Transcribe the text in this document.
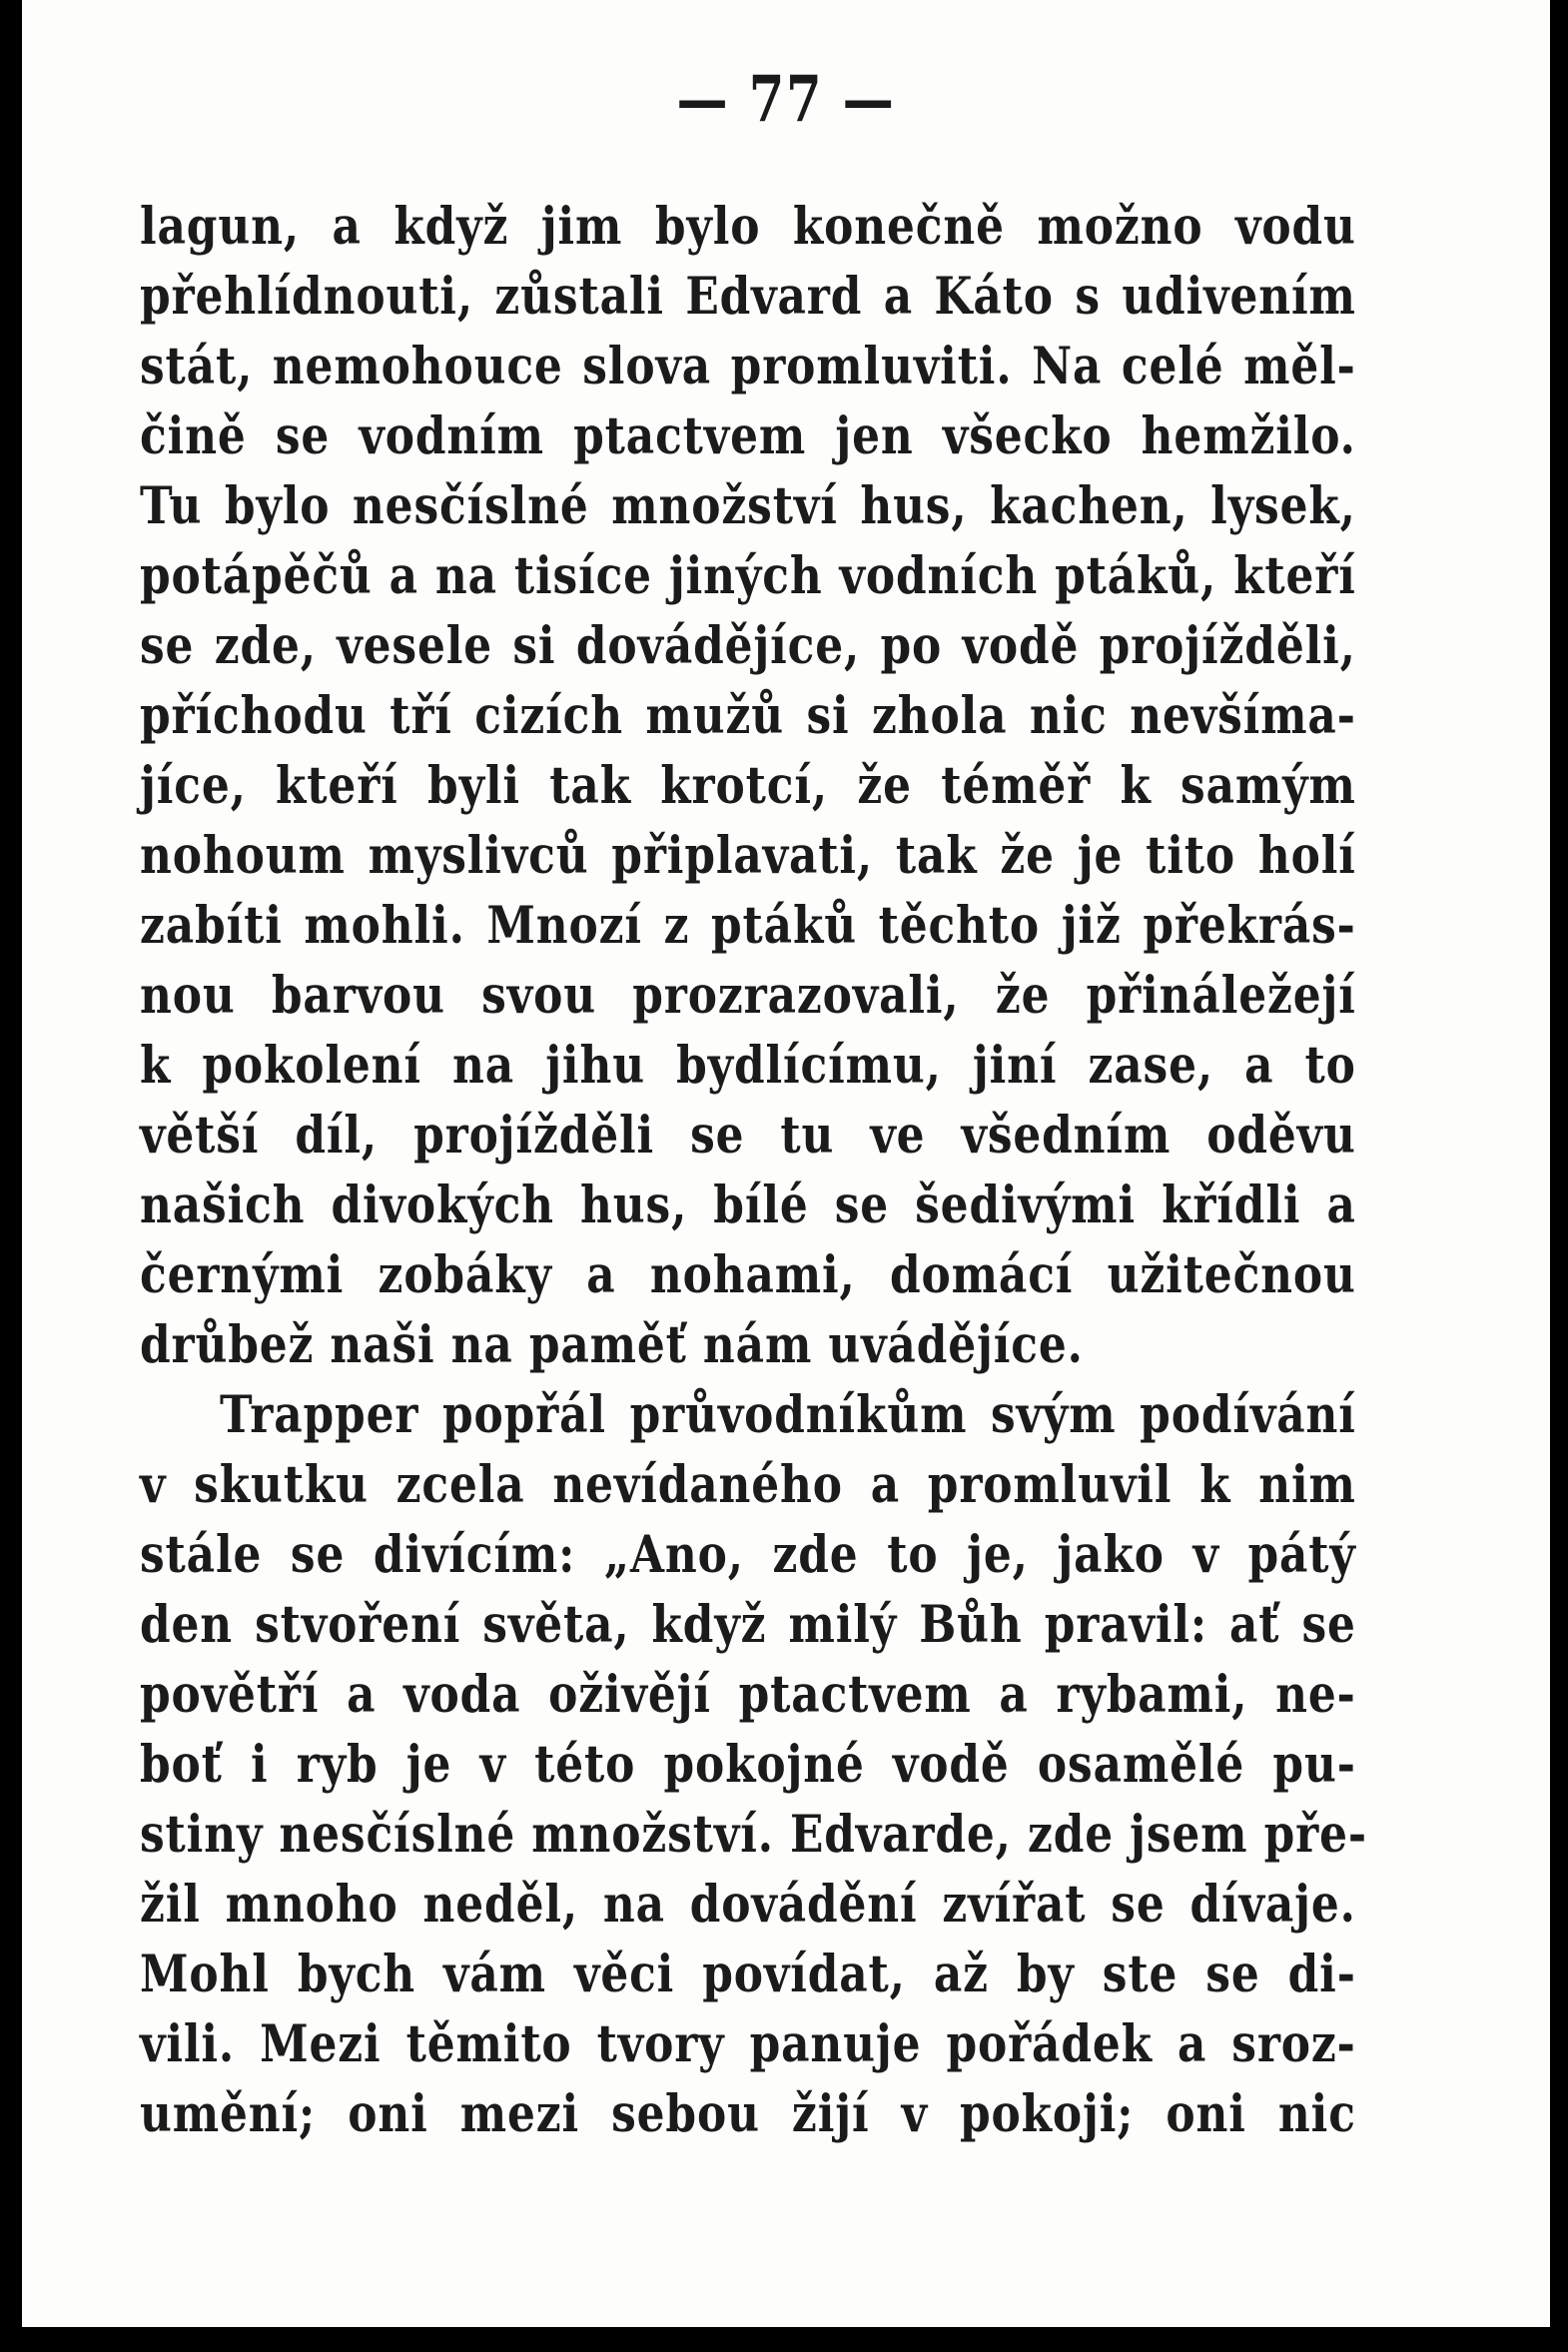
— 77 —
lagun, a když jim bylo konečně možno vodu
přehlídnouti, zůstali Edvard a Káto s udivením
stát, nemohouce slova promluviti. Na celé měl-
čině se vodním ptactvem jen všecko hemžilo.
Tu bylo nesčíslné množství hus, kachen, lysek,
potápěčů a na tisíce jiných vodních ptáků, kteří
se zde, vesele si dovádějíce, po vodě projížděli,
příchodu tří cizích mužů si zhola nic nevšíma-
jíce, kteří byli tak krotcí, že téměř k samým
nohoum myslivců připlavati, tak že je tito holí
zabíti mohli. Mnozí z ptáků těchto již překrás-
nou barvou svou prozrazovali, že přináležejí
k pokolení na jihu bydlícímu, jiní zase, a to
větší díl, projížděli se tu ve všedním oděvu
našich divokých hus, bílé se šedivými křídli a
černými zobáky a nohami, domácí užitečnou
drůbež naši na paměť nám uvádějíce.
Trapper popřál průvodníkům svým podívání
v skutku zcela nevídaného a promluvil k nim
stále se divícím: „Ano, zde to je, jako v pátý
den stvoření světa, když milý Bůh pravil: ať se
povětří a voda oživějí ptactvem a rybami, ne-
boť i ryb je v této pokojné vodě osamělé pu-
stiny nesčíslné množství. Edvarde, zde jsem pře-
žil mnoho neděl, na dovádění zvířat se dívaje.
Mohl bych vám věci povídat, až by ste se di-
vili. Mezi těmito tvory panuje pořádek a sroz-
umění; oni mezi sebou žijí v pokoji; oni nic
